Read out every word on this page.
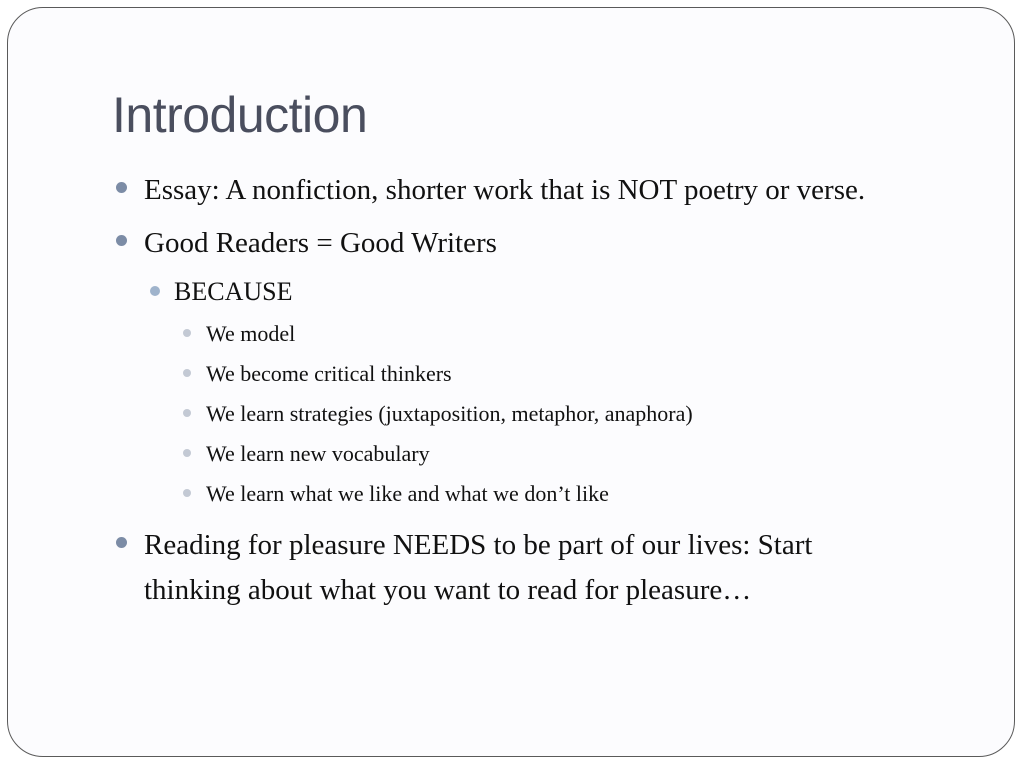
Introduction
Essay: A nonfiction, shorter work that is NOT poetry or verse.
Good Readers = Good Writers
BECAUSE
We model
We become critical thinkers
We learn strategies (juxtaposition, metaphor, anaphora)
We learn new vocabulary
We learn what we like and what we don’t like
Reading for pleasure NEEDS to be part of our lives: Start thinking about what you want to read for pleasure…
